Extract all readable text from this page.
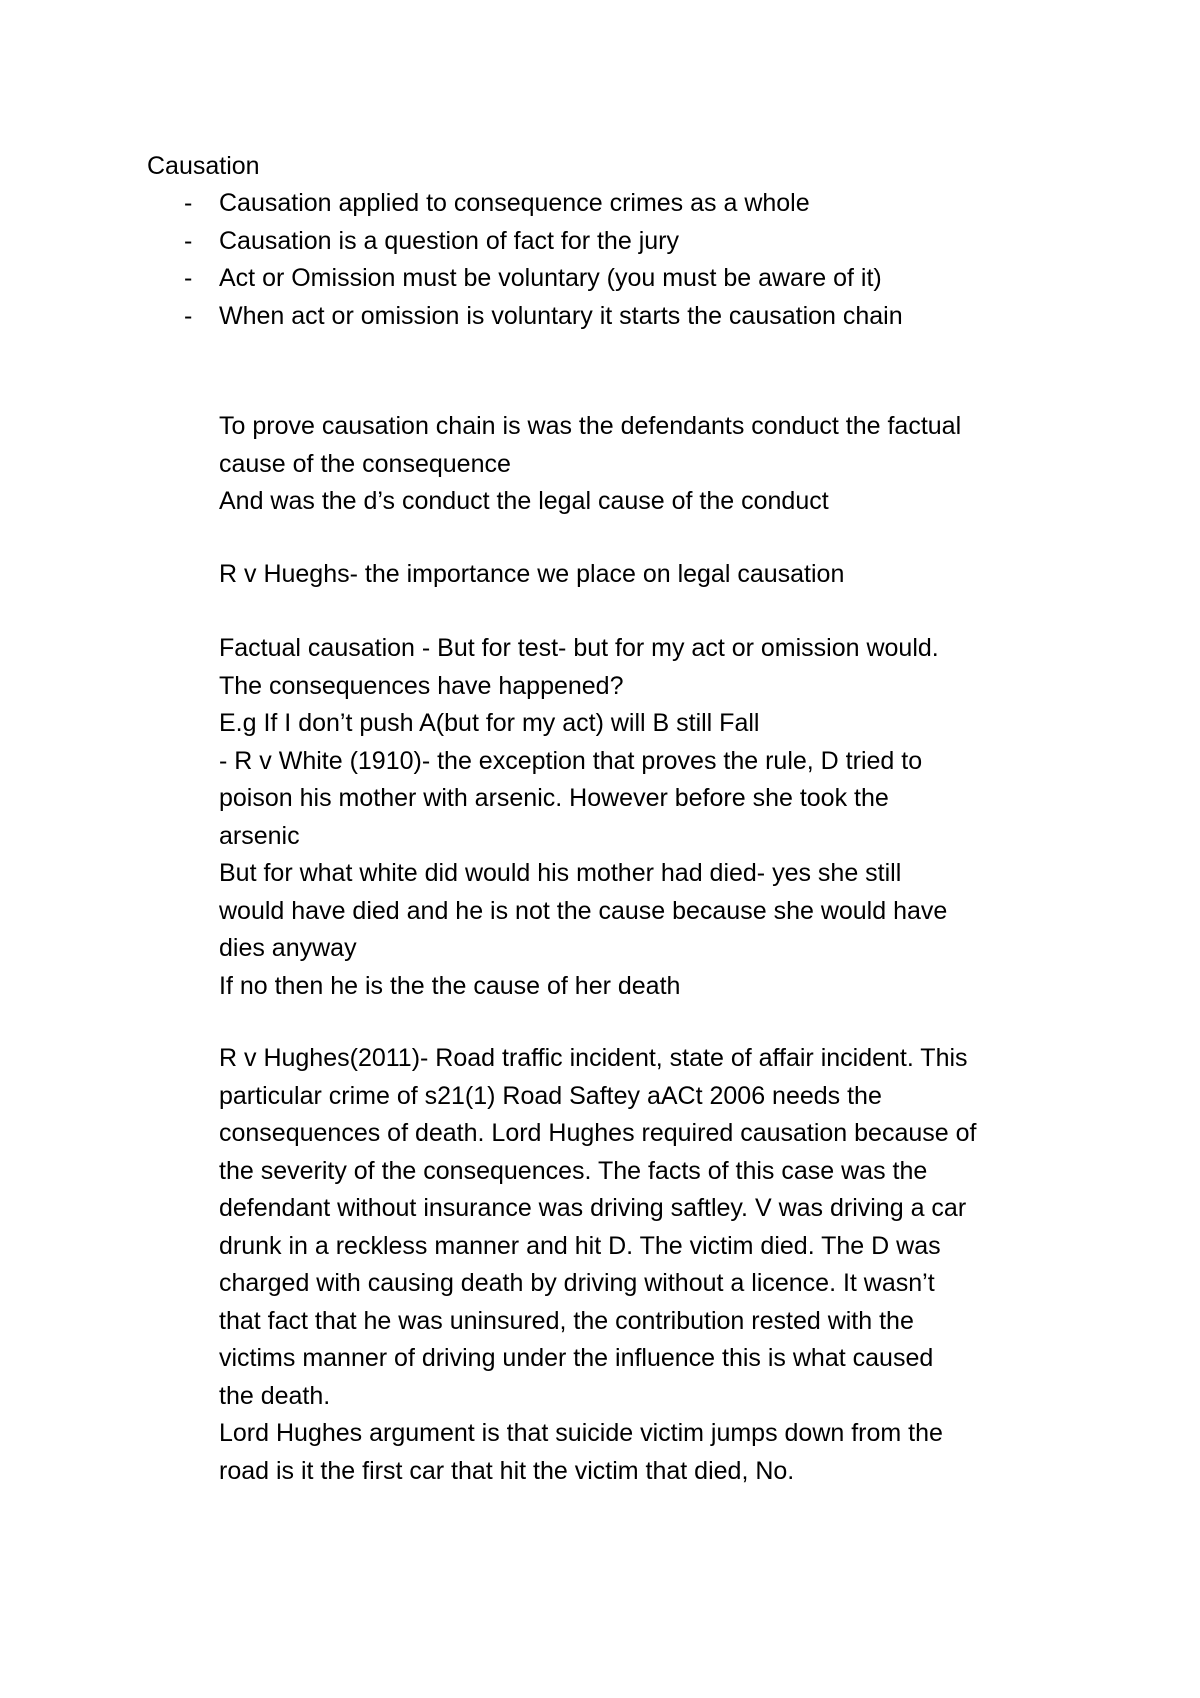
Causation
- Causation applied to consequence crimes as a whole
- Causation is a question of fact for the jury
- Act or Omission must be voluntary (you must be aware of it)
- When act or omission is voluntary it starts the causation chain
To prove causation chain is was the defendants conduct the factual
cause of the consequence
And was the d’s conduct the legal cause of the conduct
R v Hueghs- the importance we place on legal causation
Factual causation - But for test- but for my act or omission would.
The consequences have happened?
E.g If I don’t push A(but for my act) will B still Fall
- R v White (1910)- the exception that proves the rule, D tried to
poison his mother with arsenic. However before she took the
arsenic
But for what white did would his mother had died- yes she still
would have died and he is not the cause because she would have
dies anyway
If no then he is the the cause of her death
R v Hughes(2011)- Road traffic incident, state of affair incident. This
particular crime of s21(1) Road Saftey aACt 2006 needs the
consequences of death. Lord Hughes required causation because of
the severity of the consequences. The facts of this case was the
defendant without insurance was driving saftley. V was driving a car
drunk in a reckless manner and hit D. The victim died. The D was
charged with causing death by driving without a licence. It wasn’t
that fact that he was uninsured, the contribution rested with the
victims manner of driving under the influence this is what caused
the death.
Lord Hughes argument is that suicide victim jumps down from the
road is it the first car that hit the victim that died, No.
